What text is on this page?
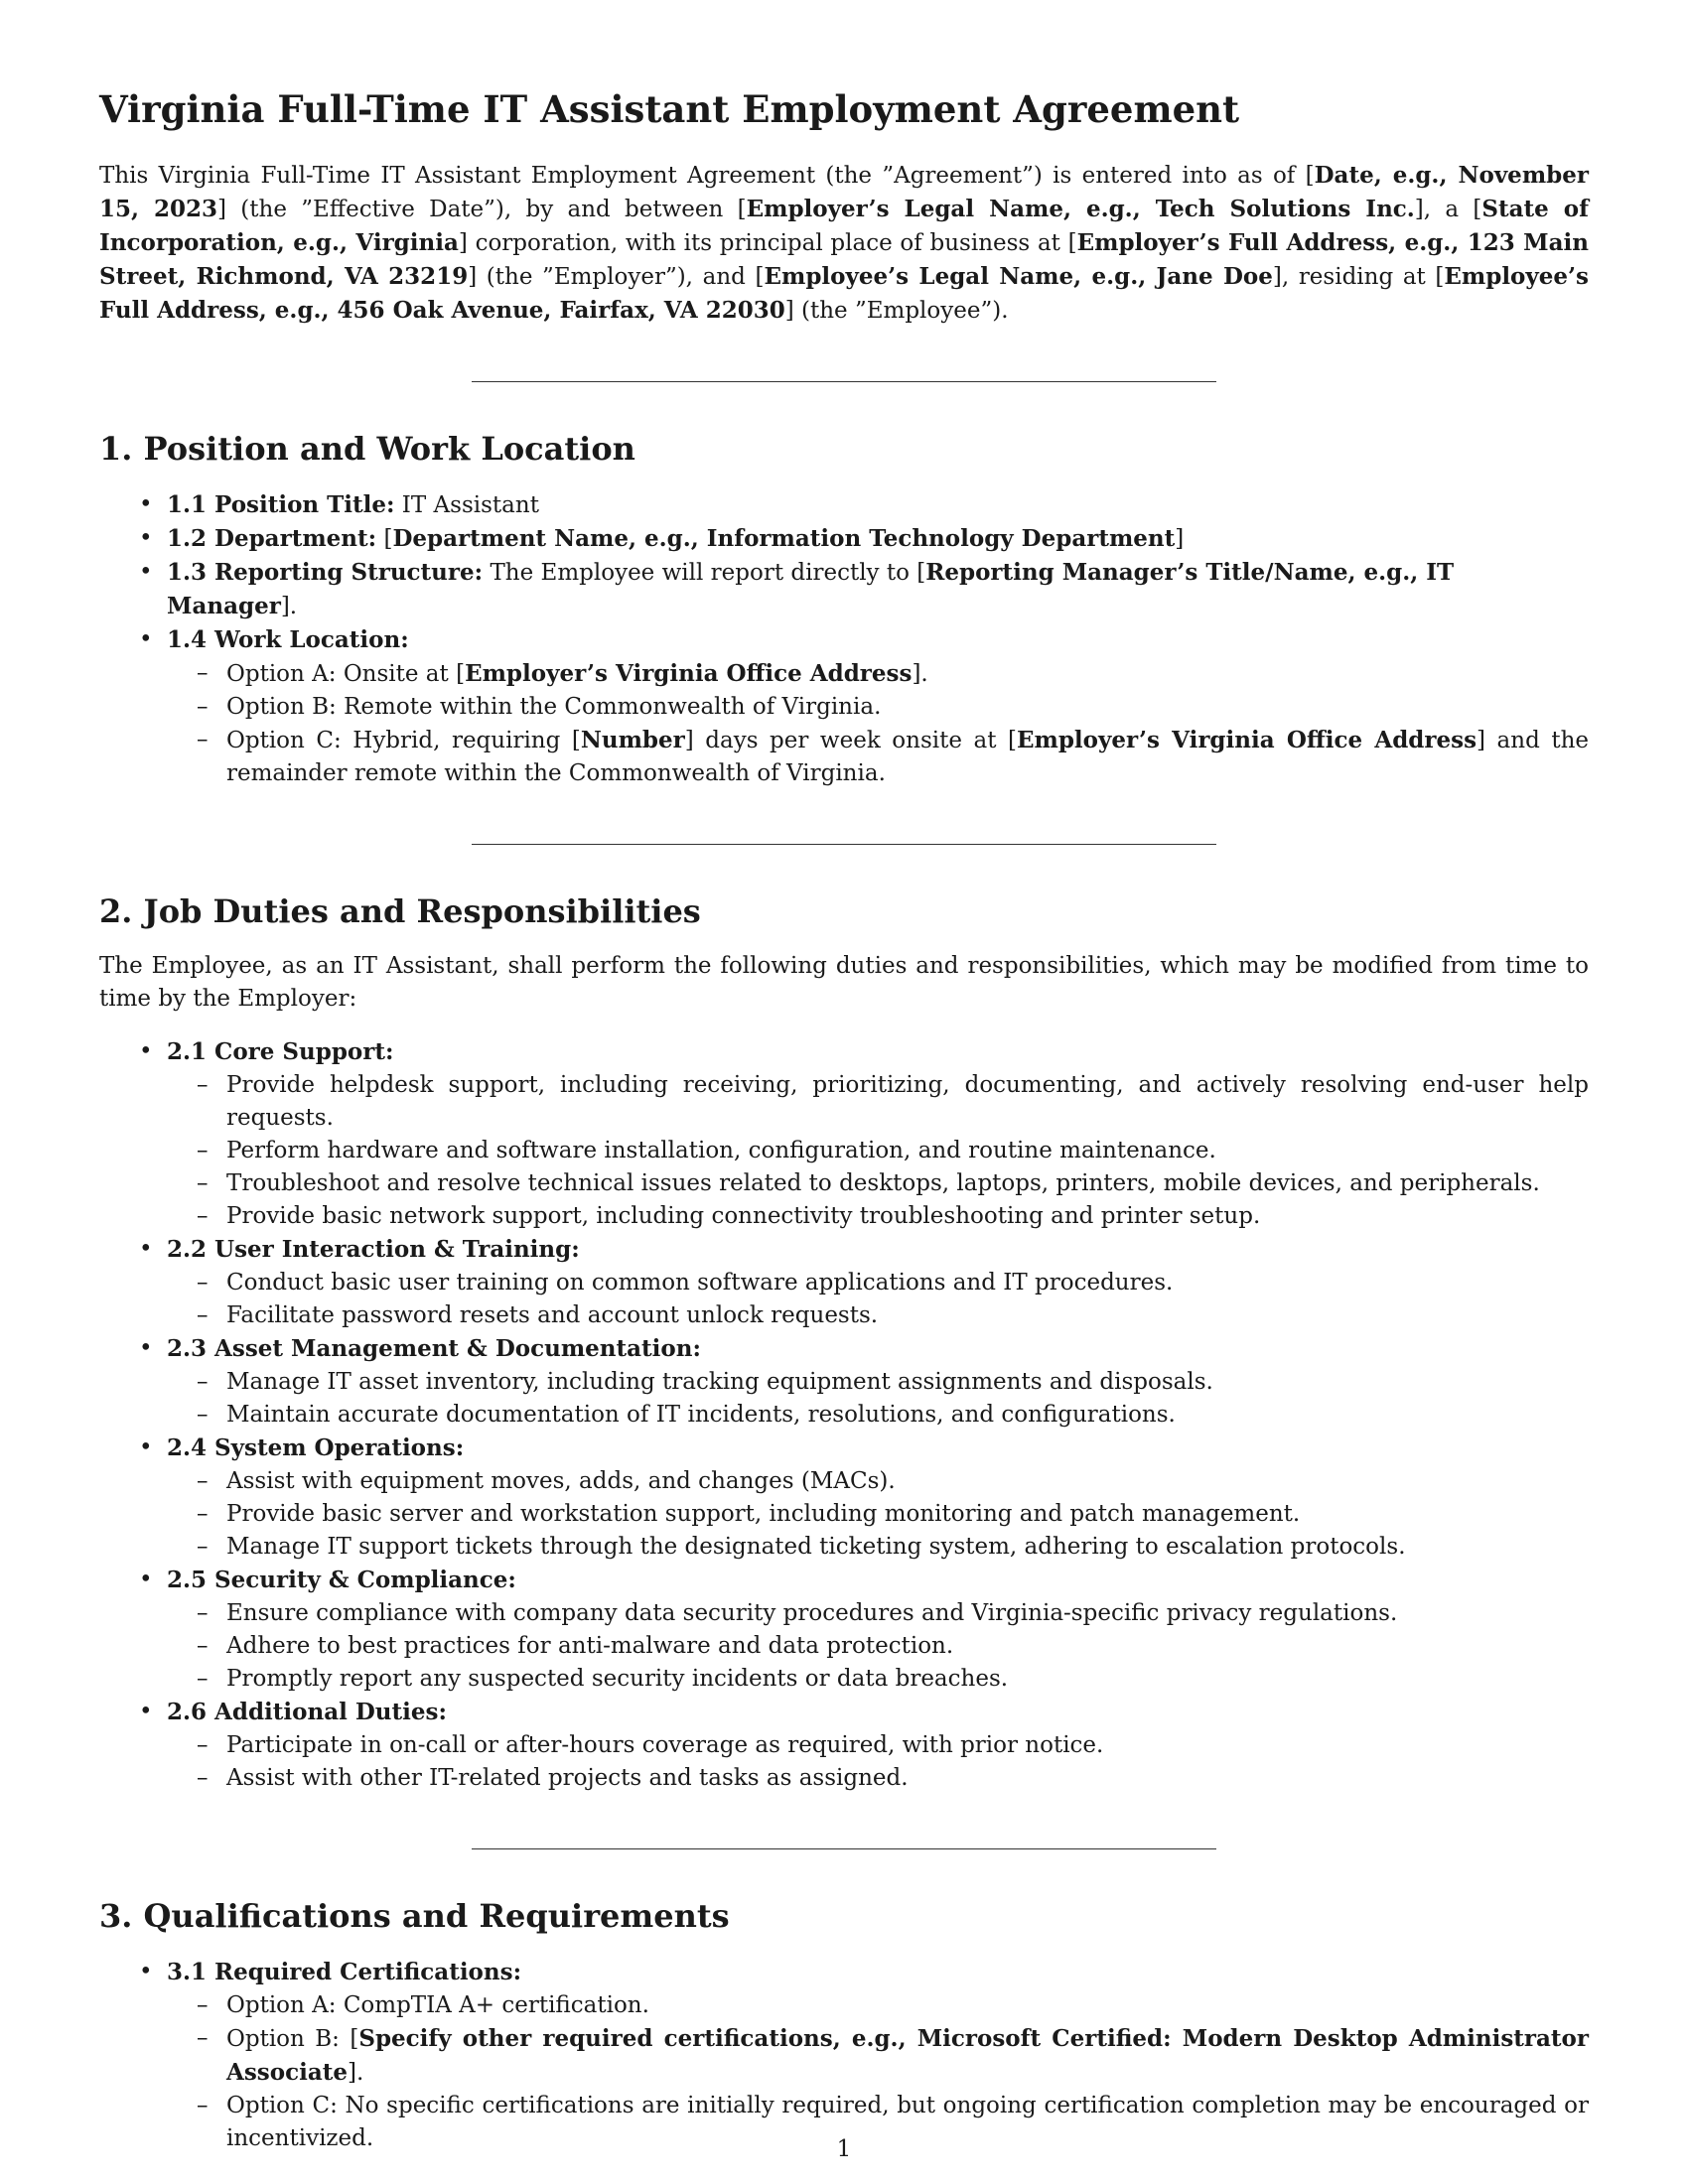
Virginia Full-Time IT Assistant Employment Agreement

This Virginia Full-Time IT Assistant Employment Agreement (the ”Agreement”) is entered into as of [Date, e.g., November 15, 2023] (the ”Effective Date”), by and between [Employer’s Legal Name, e.g., Tech Solutions Inc.], a [State of Incorporation, e.g., Virginia] corporation, with its principal place of business at [Employer’s Full Address, e.g., 123 Main Street, Richmond, VA 23219] (the ”Employer”), and [Employee’s Legal Name, e.g., Jane Doe], residing at [Employee’s Full Address, e.g., 456 Oak Avenue, Fairfax, VA 22030] (the ”Employee”).

1. Position and Work Location
• 1.1 Position Title: IT Assistant
• 1.2 Department: [Department Name, e.g., Information Technology Department]
• 1.3 Reporting Structure: The Employee will report directly to [Reporting Manager’s Title/Name, e.g., IT Manager].
• 1.4 Work Location:
– Option A: Onsite at [Employer’s Virginia Office Address].
– Option B: Remote within the Commonwealth of Virginia.
– Option C: Hybrid, requiring [Number] days per week onsite at [Employer’s Virginia Office Address] and the remainder remote within the Commonwealth of Virginia.
2. Job Duties and Responsibilities

The Employee, as an IT Assistant, shall perform the following duties and responsibilities, which may be modified from time to time by the Employer:

• 2.1 Core Support:
– Provide helpdesk support, including receiving, prioritizing, documenting, and actively resolving end-user help requests.
– Perform hardware and software installation, configuration, and routine maintenance.
– Troubleshoot and resolve technical issues related to desktops, laptops, printers, mobile devices, and peripherals.
– Provide basic network support, including connectivity troubleshooting and printer setup.
• 2.2 User Interaction & Training:
– Conduct basic user training on common software applications and IT procedures.
– Facilitate password resets and account unlock requests.
• 2.3 Asset Management & Documentation:
– Manage IT asset inventory, including tracking equipment assignments and disposals.
– Maintain accurate documentation of IT incidents, resolutions, and configurations.
• 2.4 System Operations:
– Assist with equipment moves, adds, and changes (MACs).
– Provide basic server and workstation support, including monitoring and patch management.
– Manage IT support tickets through the designated ticketing system, adhering to escalation protocols.
• 2.5 Security & Compliance:
– Ensure compliance with company data security procedures and Virginia-specific privacy regulations.
– Adhere to best practices for anti-malware and data protection.
– Promptly report any suspected security incidents or data breaches.
• 2.6 Additional Duties:
– Participate in on-call or after-hours coverage as required, with prior notice.
– Assist with other IT-related projects and tasks as assigned.
3. Qualifications and Requirements
• 3.1 Required Certifications:
– Option A: CompTIA A+ certification.
– Option B: [Specify other required certifications, e.g., Microsoft Certified: Modern Desktop Administrator Associate].
– Option C: No specific certifications are initially required, but ongoing certification completion may be encouraged or incentivized.	1
